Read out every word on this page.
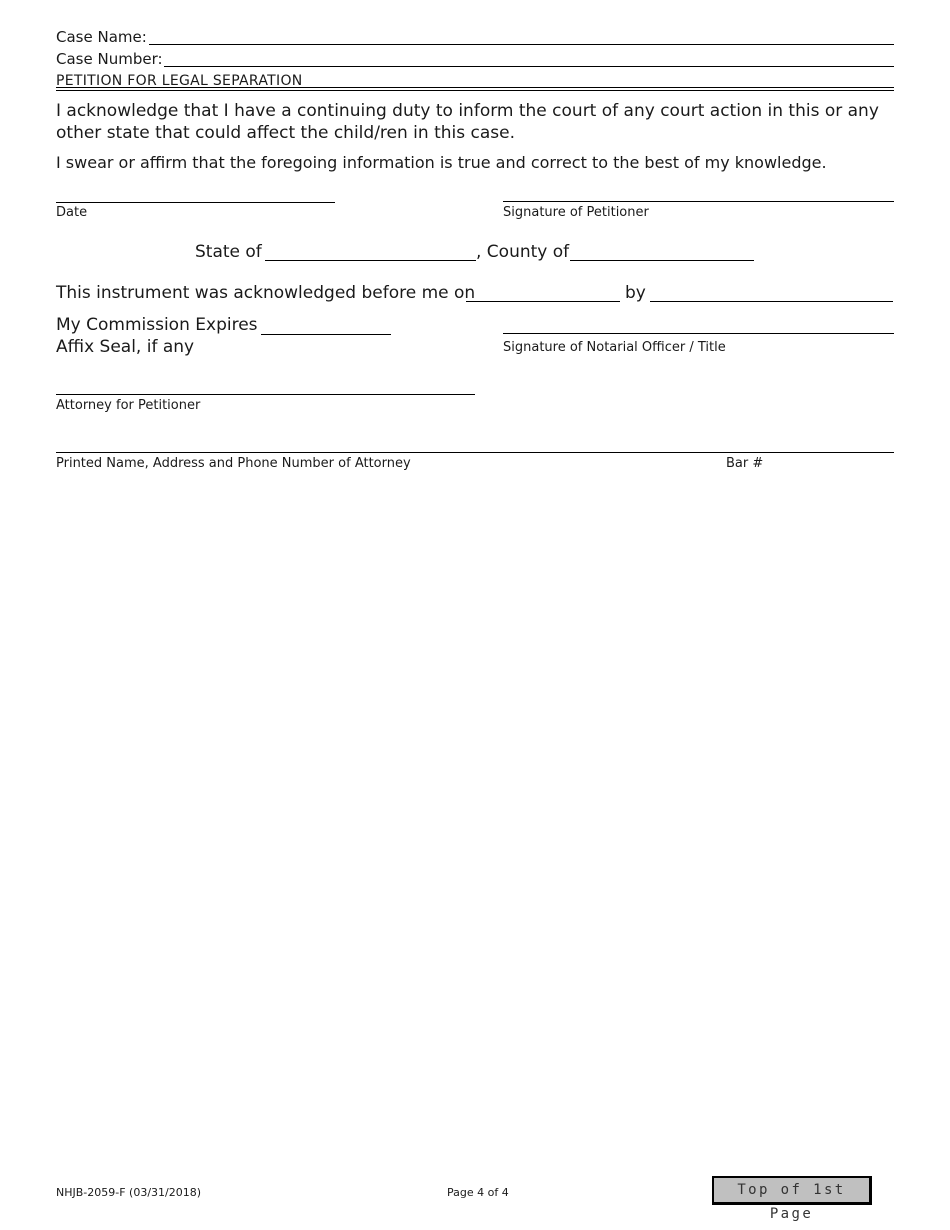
Case Name:
Case Number:
PETITION FOR LEGAL SEPARATION
I acknowledge that I have a continuing duty to inform the court of any court action in this or any other state that could affect the child/ren in this case.
I swear or affirm that the foregoing information is true and correct to the best of my knowledge.
Date	Signature of Petitioner
State of	, County of
This instrument was acknowledged before me on	by
My Commission Expires
Affix Seal, if any	Signature of Notarial Officer / Title
Attorney for Petitioner
Printed Name, Address and Phone Number of Attorney	Bar #
NHJB-2059-F (03/31/2018)	Page 4 of 4	Top of 1st Page
